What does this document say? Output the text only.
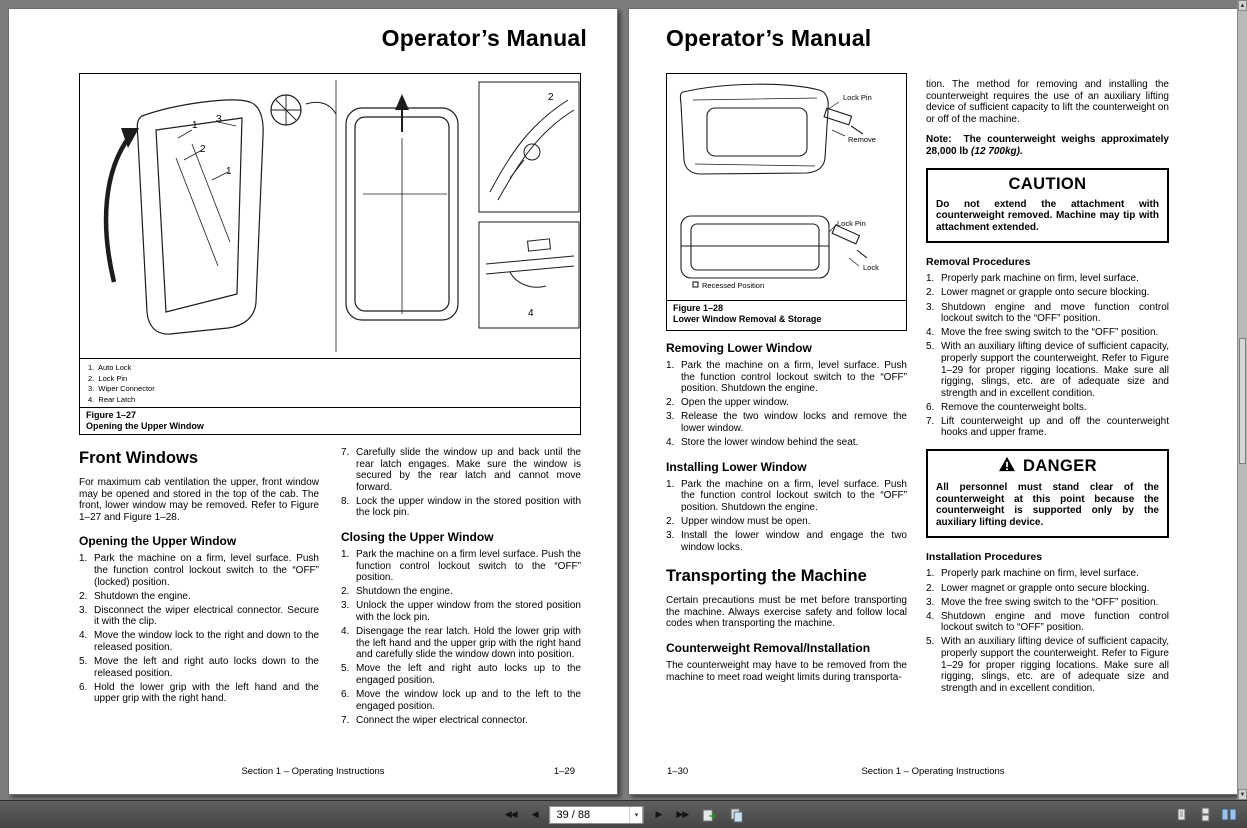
Operator’s Manual
1
3
2
1
2
4
1.  Auto Lock
2.  Lock Pin
3.  Wiper Connector
4.  Rear Latch
Figure 1–27
Opening the Upper Window
Front Windows
For maximum cab ventilation the upper, front window may be opened and stored in the top of the cab. The front, lower window may be removed. Refer to Figure 1–27 and Figure 1–28.
Opening the Upper Window
1. Park the machine on a firm, level surface. Push the function control lockout switch to the “OFF” (locked) position.
2. Shutdown the engine.
3. Disconnect the wiper electrical connector. Secure it with the clip.
4. Move the window lock to the right and down to the released position.
5. Move the left and right auto locks down to the released position.
6. Hold the lower grip with the left hand and the upper grip with the right hand.
7. Carefully slide the window up and back until the rear latch engages. Make sure the window is secured by the rear latch and cannot move forward.
8. Lock the upper window in the stored position with the lock pin.
Closing the Upper Window
1. Park the machine on a firm level surface. Push the function control lockout switch to the “OFF” position.
2. Shutdown the engine.
3. Unlock the upper window from the stored position with the lock pin.
4. Disengage the rear latch. Hold the lower grip with the left hand and the upper grip with the right hand and carefully slide the window down into position.
5. Move the left and right auto locks up to the engaged position.
6. Move the window lock up and to the left to the engaged position.
7. Connect the wiper electrical connector.
Section 1 – Operating Instructions	1–29
Operator’s Manual
Lock Pin
Remove
Lock Pin
Lock
Recessed Position
Figure 1–28
Lower Window Removal & Storage
Removing Lower Window
1. Park the machine on a firm, level surface. Push the function control lockout switch to the “OFF” position. Shutdown the engine.
2. Open the upper window.
3. Release the two window locks and remove the lower window.
4. Store the lower window behind the seat.
Installing Lower Window
1. Park the machine on a firm, level surface. Push the function control lockout switch to the “OFF” position. Shutdown the engine.
2. Upper window must be open.
3. Install the lower window and engage the two window locks.
Transporting the Machine
Certain precautions must be met before transporting the machine. Always exercise safety and follow local codes when transporting the machine.
Counterweight Removal/Installation
The counterweight may have to be removed from the machine to meet road weight limits during transporta-
tion. The method for removing and installing the counterweight requires the use of an auxiliary lifting device of sufficient capacity to lift the counterweight on or off of the machine.
Note: The counterweight weighs approximately 28,000 lb (12 700kg).
CAUTION
Do not extend the attachment with counterweight removed. Machine may tip with attachment extended.
Removal Procedures
1. Properly park machine on firm, level surface.
2. Lower magnet or grapple onto secure blocking.
3. Shutdown engine and move function control lockout switch to the “OFF” position.
4. Move the free swing switch to the “OFF” position.
5. With an auxiliary lifting device of sufficient capacity, properly support the counterweight. Refer to Figure 1–29 for proper rigging locations. Make sure all rigging, slings, etc. are of adequate size and strength and in excellent condition.
6. Remove the counterweight bolts.
7. Lift counterweight up and off the counterweight hooks and upper frame.
DANGER
All personnel must stand clear of the counterweight at this point because the counterweight is supported only by the auxiliary lifting device.
Installation Procedures
1. Properly park machine on firm, level surface.
2. Lower magnet or grapple onto secure blocking.
3. Move the free swing switch to the “OFF” position.
4. Shutdown engine and move function control lockout switch to “OFF” position.
5. With an auxiliary lifting device of sufficient capacity, properly support the counterweight. Refer to Figure 1–29 for proper rigging locations. Make sure all rigging, slings, etc. are of adequate size and strength and in excellent condition.
1–30	Section 1 – Operating Instructions
◀◀	◀	39 / 88	▾	▶	▶▶
▲
▼
